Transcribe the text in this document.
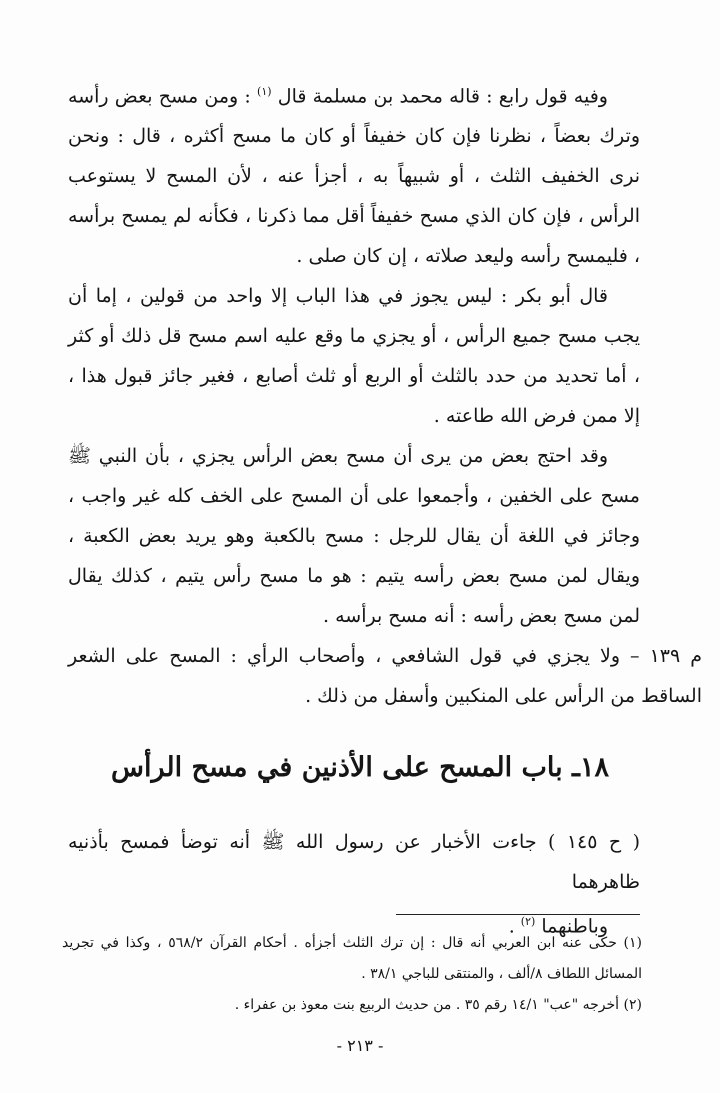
وفيه قول رابع : قاله محمد بن مسلمة قال $^{(١)}$ : ومن مسح بعض رأسه وترك بعضاً ، نظرنا فإن كان خفيفاً أو كان ما مسح أكثره ، قال : ونحن نرى الخفيف الثلث ، أو شبيهاً به ، أجزأ عنه ، لأن المسح لا يستوعب الرأس ، فإن كان الذي مسح خفيفاً أقل مما ذكرنا ، فكأنه لم يمسح برأسه ، فليمسح رأسه وليعد صلاته ، إن كان صلى .

قال أبو بكر : ليس يجوز في هذا الباب إلا واحد من قولين ، إما أن يجب مسح جميع الرأس ، أو يجزي ما وقع عليه اسم مسح قل ذلك أو كثر ، أما تحديد من حدد بالثلث أو الربع أو ثلث أصابع ، فغير جائز قبول هذا ، إلا ممن فرض الله طاعته .

وقد احتج بعض من يرى أن مسح بعض الرأس يجزي ، بأن النبي ﷺ مسح على الخفين ، وأجمعوا على أن المسح على الخف كله غير واجب ، وجائز في اللغة أن يقال للرجل : مسح بالكعبة وهو يريد بعض الكعبة ، ويقال لمن مسح بعض رأسه يتيم : هو ما مسح رأس يتيم ، كذلك يقال لمن مسح بعض رأسه : أنه مسح برأسه .

م ١٣٩ – ولا يجزي في قول الشافعي ، وأصحاب الرأي : المسح على الشعر الساقط من الرأس على المنكبين وأسفل من ذلك .

١٨ـ باب المسح على الأذنين في مسح الرأس

( ح ١٤٥ ) جاءت الأخبار عن رسول الله ﷺ أنه توضأ فمسح بأذنيه ظاهرهما

وباطنهما $^{(٢)}$ .

(١) حكى عنه ابن العربي أنه قال : إن ترك الثلث أجزأه . أحكام القرآن ٥٦٨/٢ ، وكذا في تجريد المسائل اللطاف ٨/ألف ، والمنتقى للباجي ٣٨/١ .

(٢) أخرجه "عب" ١٤/١ رقم ٣٥ . من حديث الربيع بنت معوذ بن عفراء .

- ٢١٣ -
